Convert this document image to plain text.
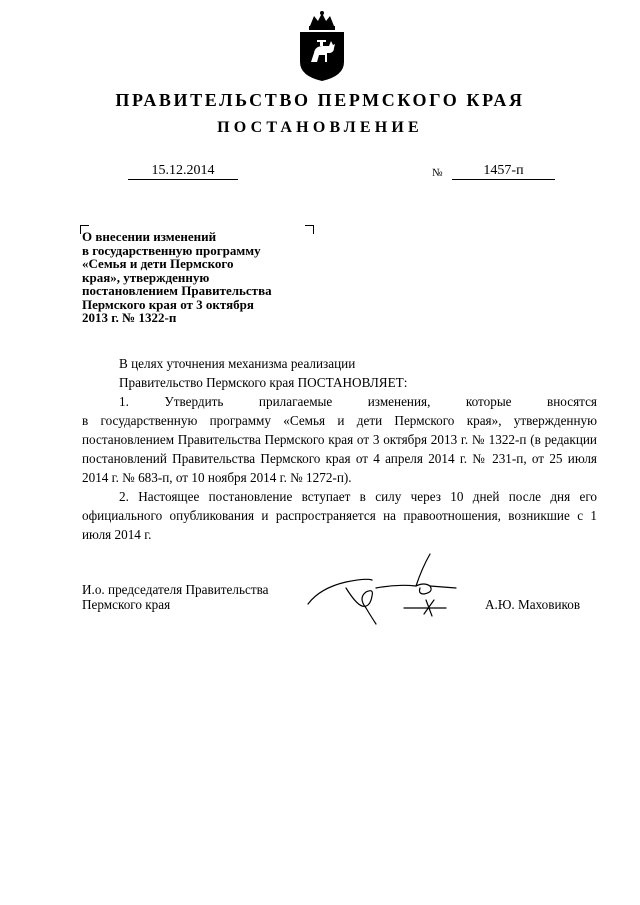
ПРАВИТЕЛЬСТВО ПЕРМСКОГО КРАЯ
ПОСТАНОВЛЕНИЕ
15.12.2014	№	1457-п
О внесении изменений
в государственную программу
«Семья и дети Пермского
края», утвержденную
постановлением Правительства
Пермского края от 3 октября
2013 г. № 1322-п
В целях уточнения механизма реализации
Правительство Пермского края ПОСТАНОВЛЯЕТ:
1. Утвердить прилагаемые изменения, которые вносятся
в государственную программу «Семья и дети Пермского края», утвержденную постановлением Правительства Пермского края от 3 октября 2013 г. № 1322-п (в редакции постановлений Правительства Пермского края от 4 апреля 2014 г. № 231-п, от 25 июля 2014 г. № 683-п, от 10 ноября 2014 г. № 1272-п).
2. Настоящее постановление вступает в силу через 10 дней после дня его официального опубликования и распространяется на правоотношения, возникшие с 1 июля 2014 г.
И.о. председателя Правительства
Пермского края	А.Ю. Маховиков
